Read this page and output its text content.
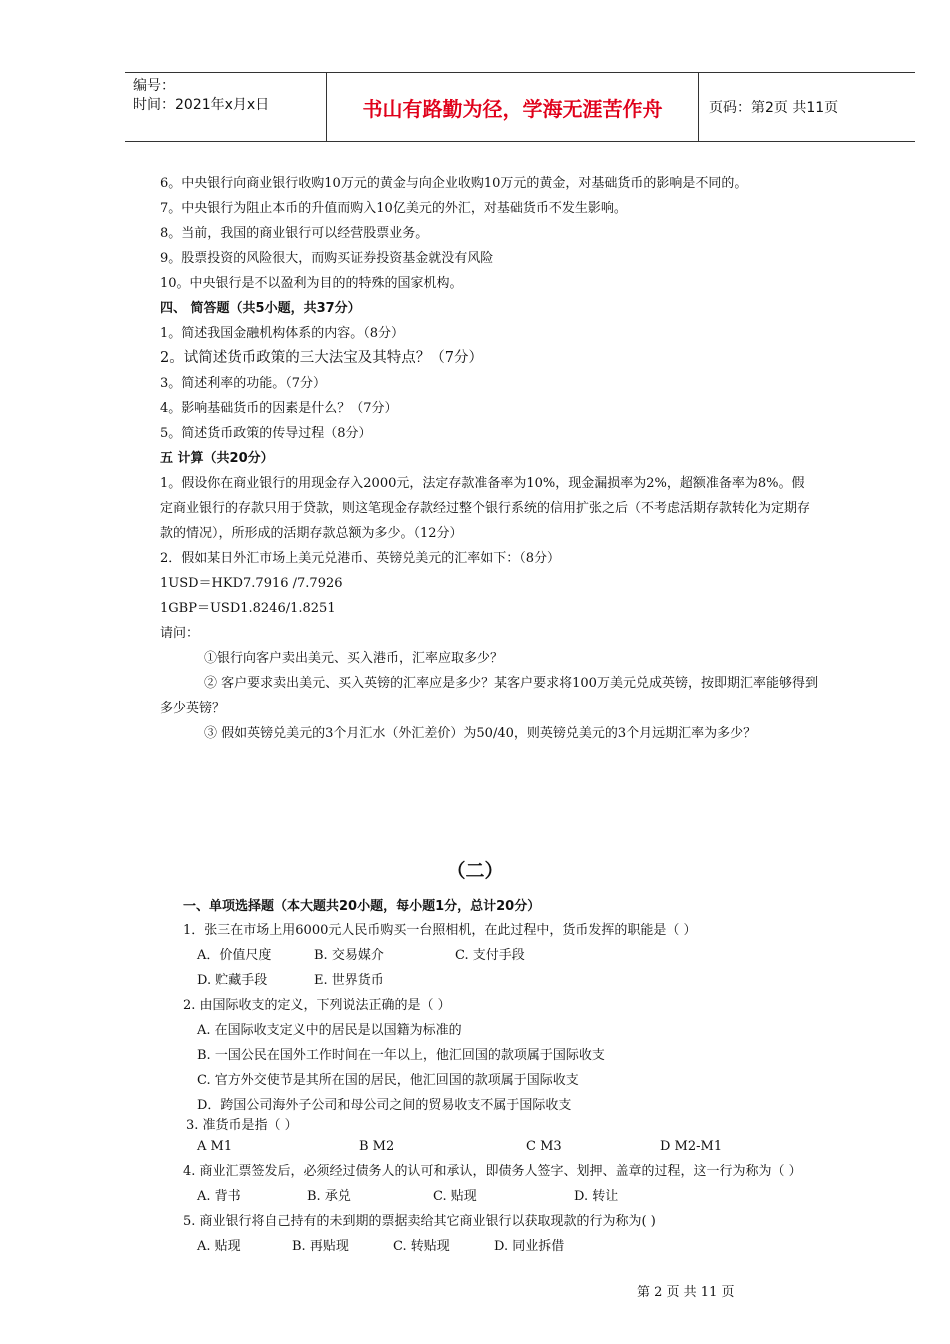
编号：
时间：2021年x月x日	书山有路勤为径，学海无涯苦作舟	页码：第2页 共11页
6。中央银行向商业银行收购10万元的黄金与向企业收购10万元的黄金，对基础货币的影响是不同的。
7。中央银行为阻止本币的升值而购入10亿美元的外汇，对基础货币不发生影响。
8。当前，我国的商业银行可以经营股票业务。
9。股票投资的风险很大，而购买证券投资基金就没有风险
10。中央银行是不以盈利为目的的特殊的国家机构。
四、 简答题（共5小题，共37分）
1。简述我国金融机构体系的内容。（8分）
2。试简述货币政策的三大法宝及其特点？（7分）
3。简述利率的功能。（7分）
4。影响基础货币的因素是什么？（7分）
5。简述货币政策的传导过程（8分）
五 计算（共20分）
1。假设你在商业银行的用现金存入2000元，法定存款准备率为10%，现金漏损率为2%，超额准备率为8%。假
定商业银行的存款只用于贷款，则这笔现金存款经过整个银行系统的信用扩张之后（不考虑活期存款转化为定期存
款的情况），所形成的活期存款总额为多少。（12分）
2．假如某日外汇市场上美元兑港币、英镑兑美元的汇率如下：（8分）
1USD＝HKD7.7916 /7.7926
1GBP＝USD1.8246/1.8251
请问：
①银行向客户卖出美元、买入港币，汇率应取多少？
② 客户要求卖出美元、买入英镑的汇率应是多少？某客户要求将100万美元兑成英镑，按即期汇率能够得到
多少英镑？
③ 假如英镑兑美元的3个月汇水（外汇差价）为50/40，则英镑兑美元的3个月远期汇率为多少？
（二）
一、单项选择题（本大题共20小题，每小题1分，总计20分）
1．张三在市场上用6000元人民币购买一台照相机，在此过程中，货币发挥的职能是（ ）
A．价值尺度	B. 交易媒介	C. 支付手段
D. 贮藏手段	E. 世界货币
2. 由国际收支的定义，下列说法正确的是（ ）
A. 在国际收支定义中的居民是以国籍为标准的
B. 一国公民在国外工作时间在一年以上，他汇回国的款项属于国际收支
C. 官方外交使节是其所在国的居民，他汇回国的款项属于国际收支
D．跨国公司海外子公司和母公司之间的贸易收支不属于国际收支
3. 准货币是指（ ）
A M1	B M2	C M3	D M2-M1
4. 商业汇票签发后，必须经过债务人的认可和承认，即债务人签字、划押、盖章的过程，这一行为称为（ ）
A. 背书	B. 承兑	C. 贴现	D. 转让
5. 商业银行将自己持有的未到期的票据卖给其它商业银行以获取现款的行为称为( )
A. 贴现	B. 再贴现	C. 转贴现	D. 同业拆借
第 2 页 共 11 页
